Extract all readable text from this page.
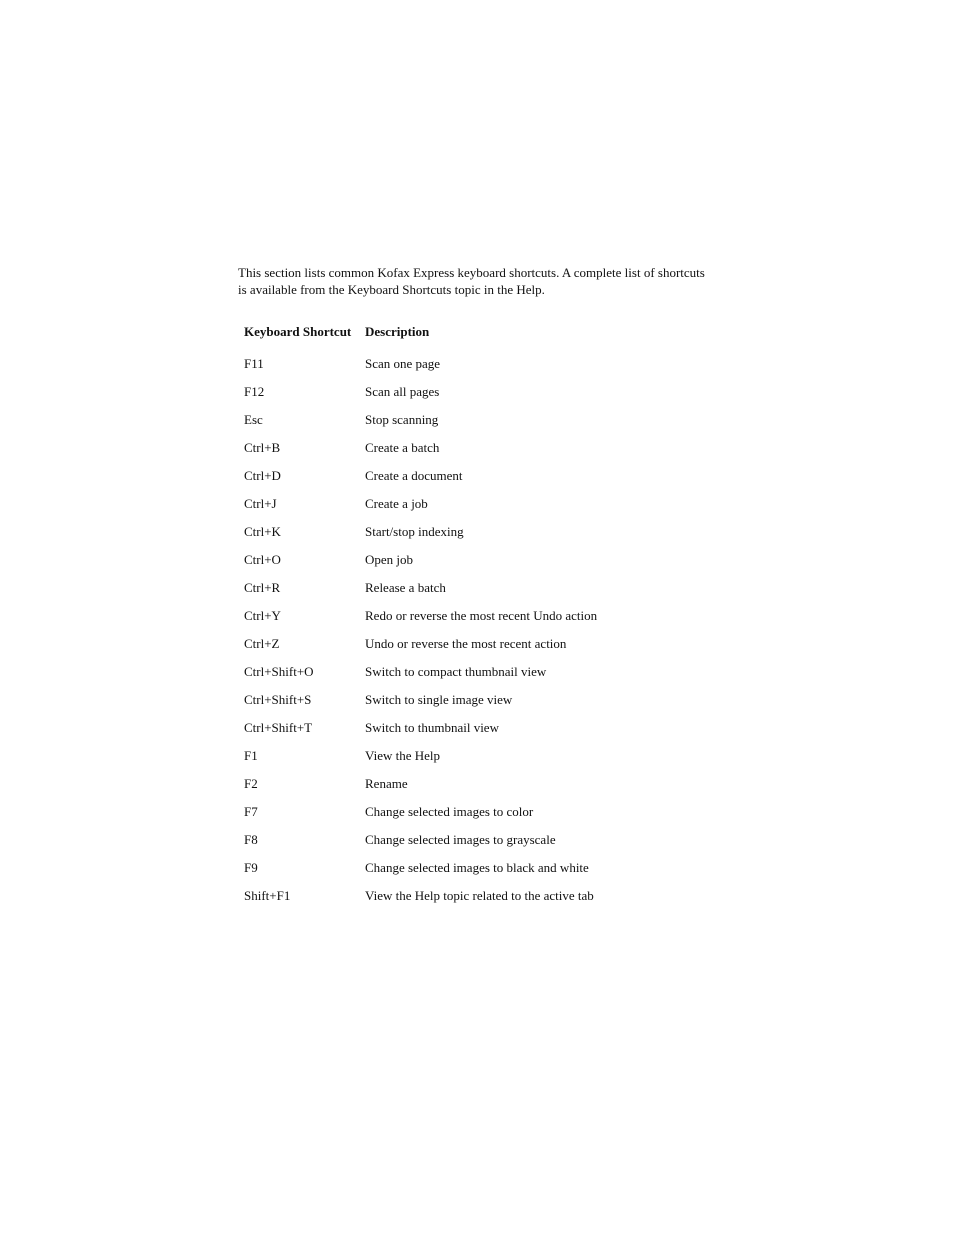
This section lists common Kofax Express keyboard shortcuts. A complete list of shortcuts is available from the Keyboard Shortcuts topic in the Help.

Keyboard Shortcut	Description

F11	Scan one page
F12	Scan all pages
Esc	Stop scanning
Ctrl+B	Create a batch
Ctrl+D	Create a document
Ctrl+J	Create a job
Ctrl+K	Start/stop indexing
Ctrl+O	Open job
Ctrl+R	Release a batch
Ctrl+Y	Redo or reverse the most recent Undo action
Ctrl+Z	Undo or reverse the most recent action
Ctrl+Shift+O	Switch to compact thumbnail view
Ctrl+Shift+S	Switch to single image view
Ctrl+Shift+T	Switch to thumbnail view
F1	View the Help
F2	Rename
F7	Change selected images to color
F8	Change selected images to grayscale
F9	Change selected images to black and white
Shift+F1	View the Help topic related to the active tab
